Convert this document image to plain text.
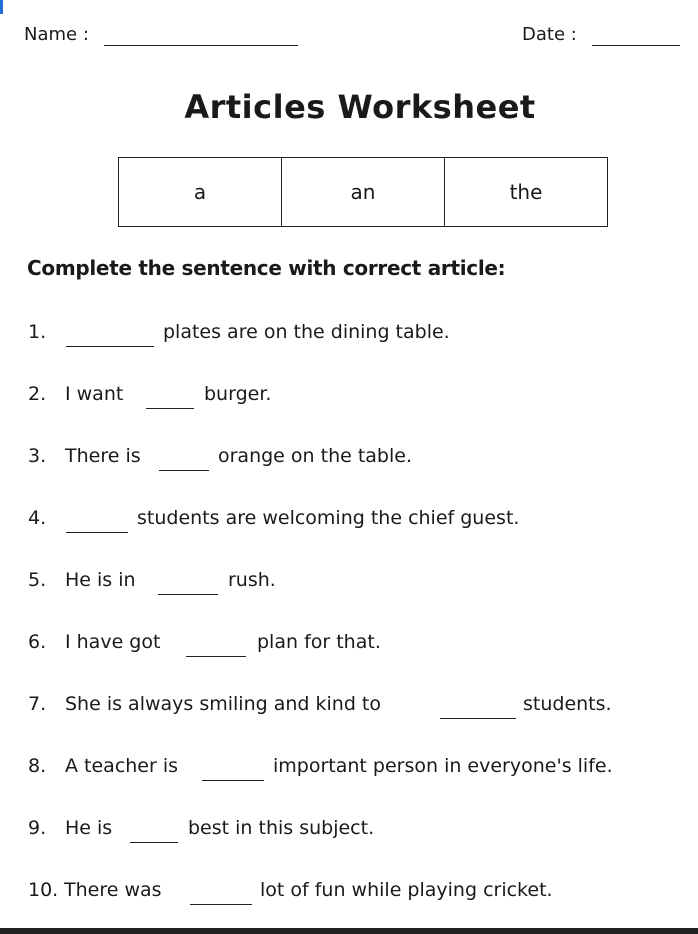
Name :	Date :
Articles Worksheet
a	an	the
Complete the sentence with correct article:
1.	plates are on the dining table.
2. I want	burger.
3. There is	orange on the table.
4.	students are welcoming the chief guest.
5. He is in	rush.
6. I have got	plan for that.
7. She is always smiling and kind to	students.
8. A teacher is	important person in everyone's life.
9. He is	best in this subject.
10. There was	lot of fun while playing cricket.
